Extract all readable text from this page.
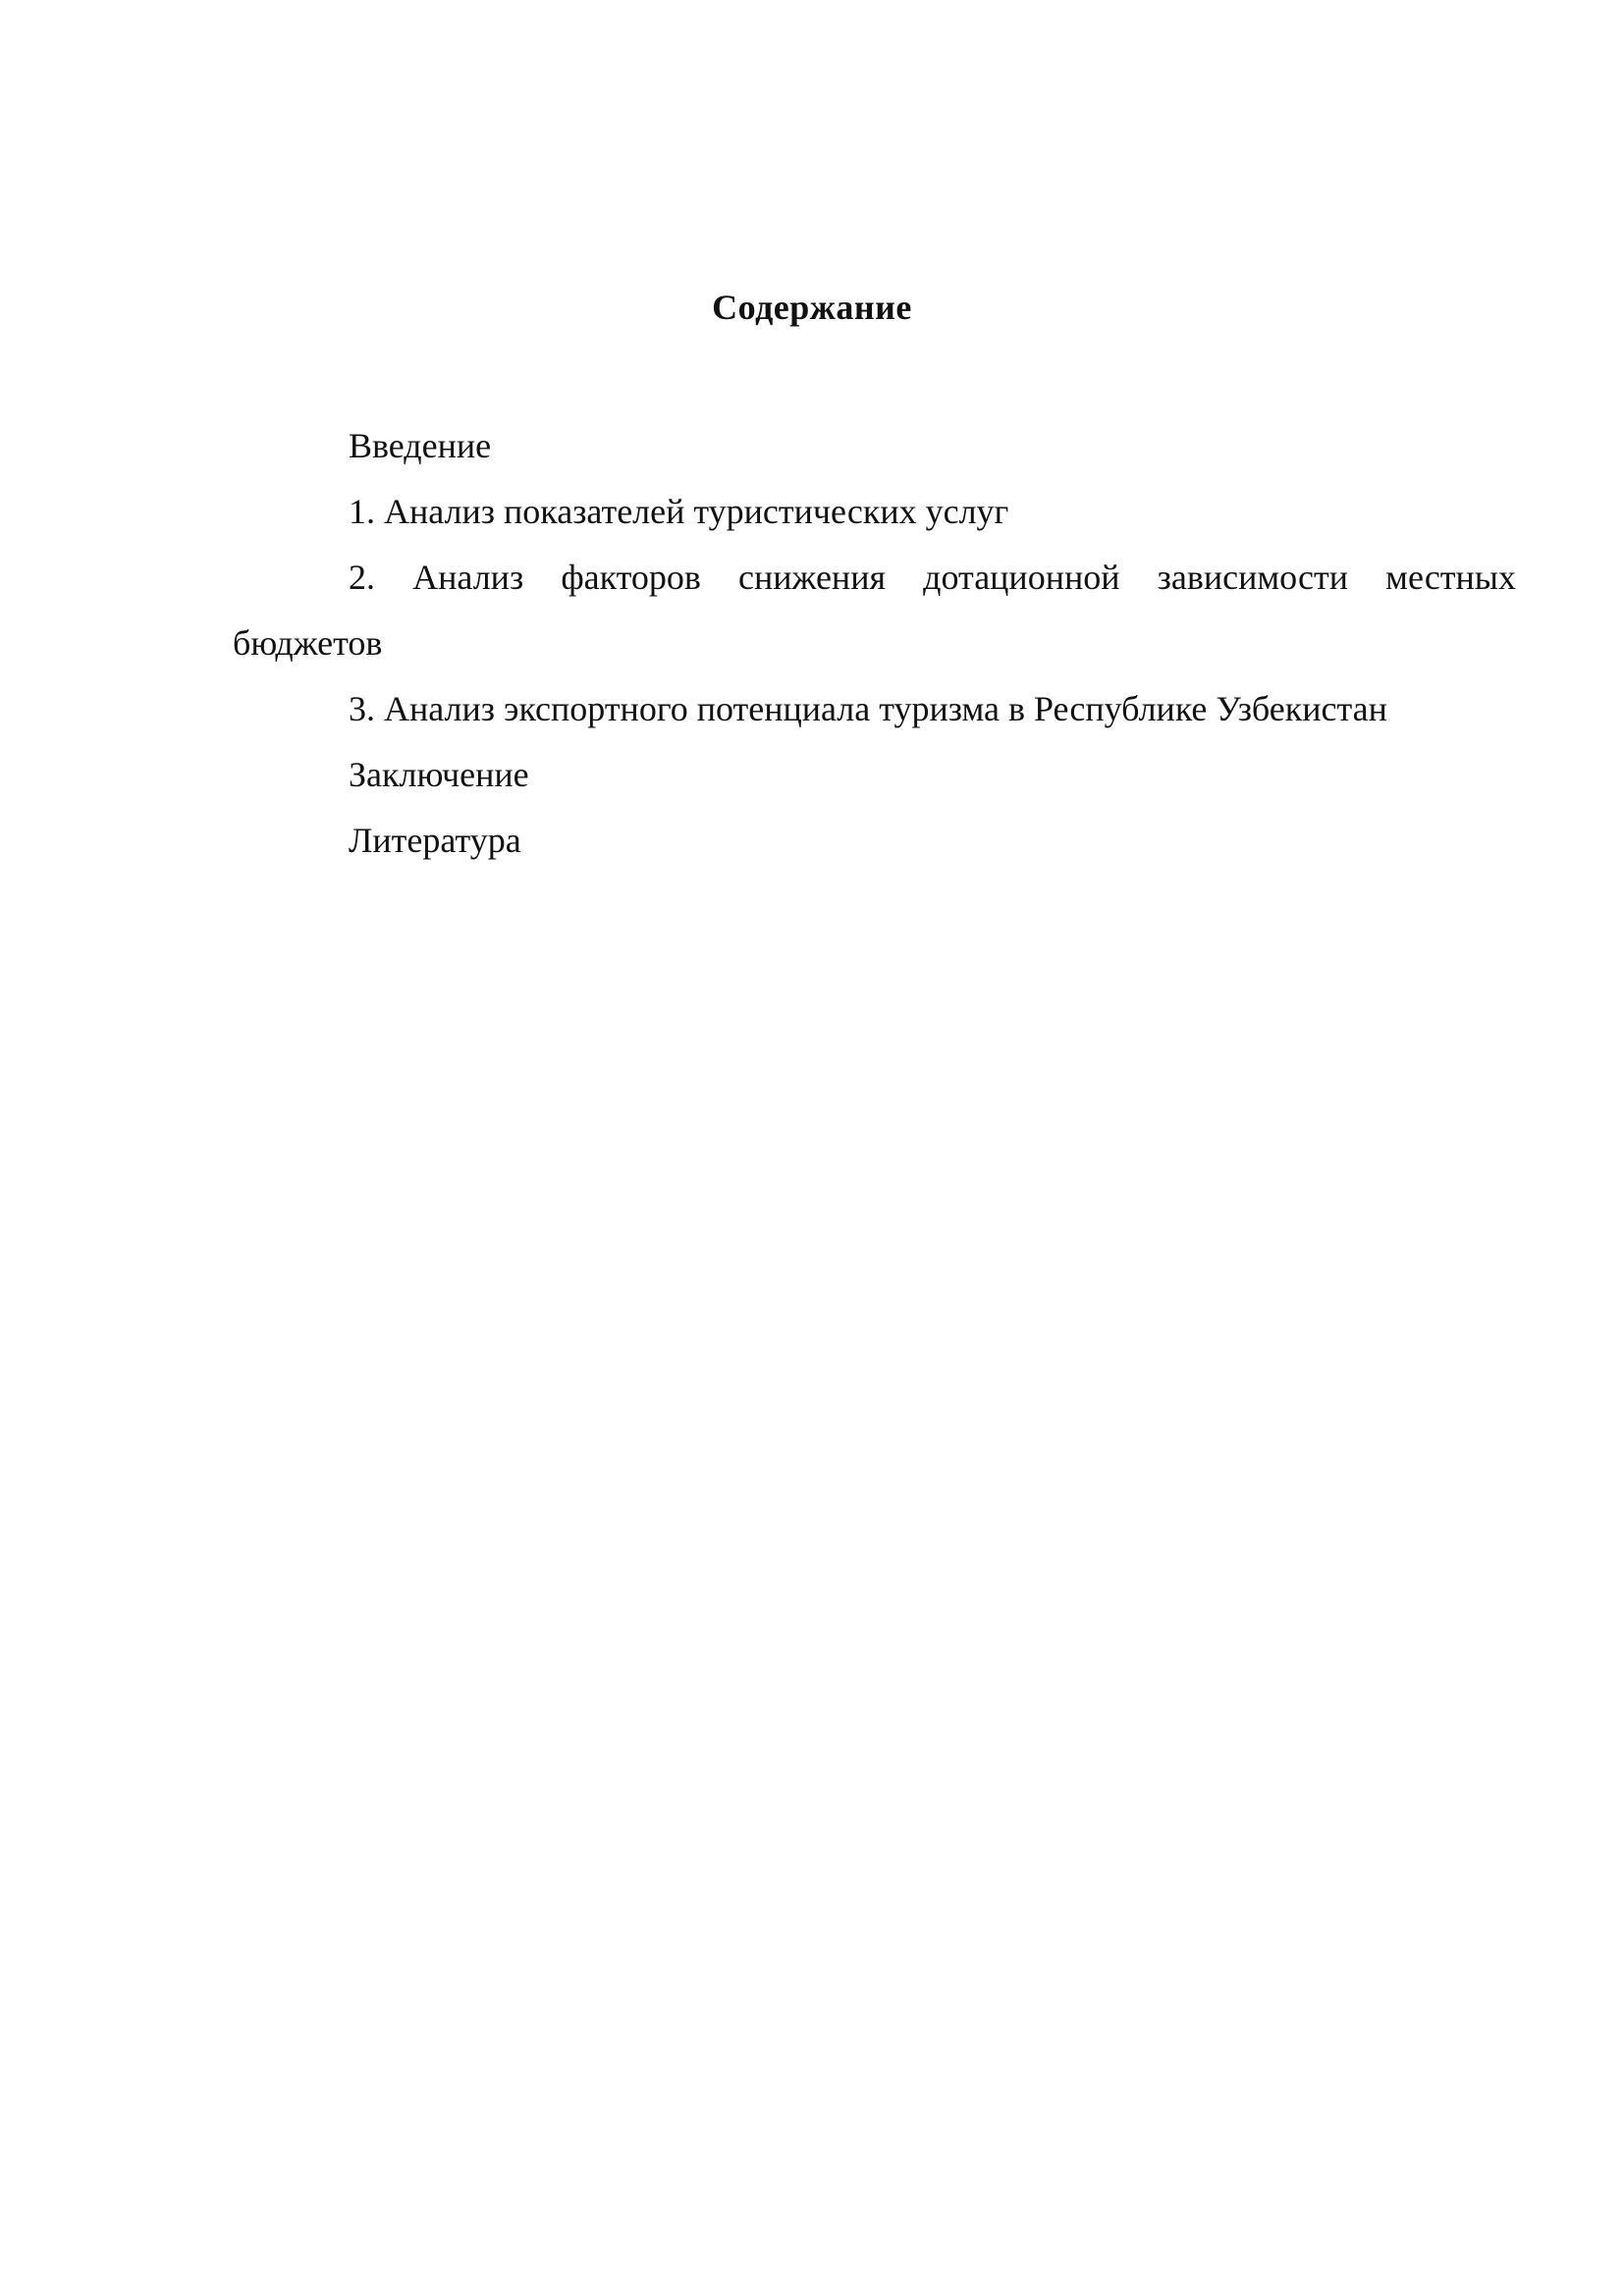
Содержание
Введение
1. Анализ показателей туристических услуг
2. Анализ факторов снижения дотационной зависимости местных бюджетов
3. Анализ экспортного потенциала туризма в Республике Узбекистан
Заключение
Литература
